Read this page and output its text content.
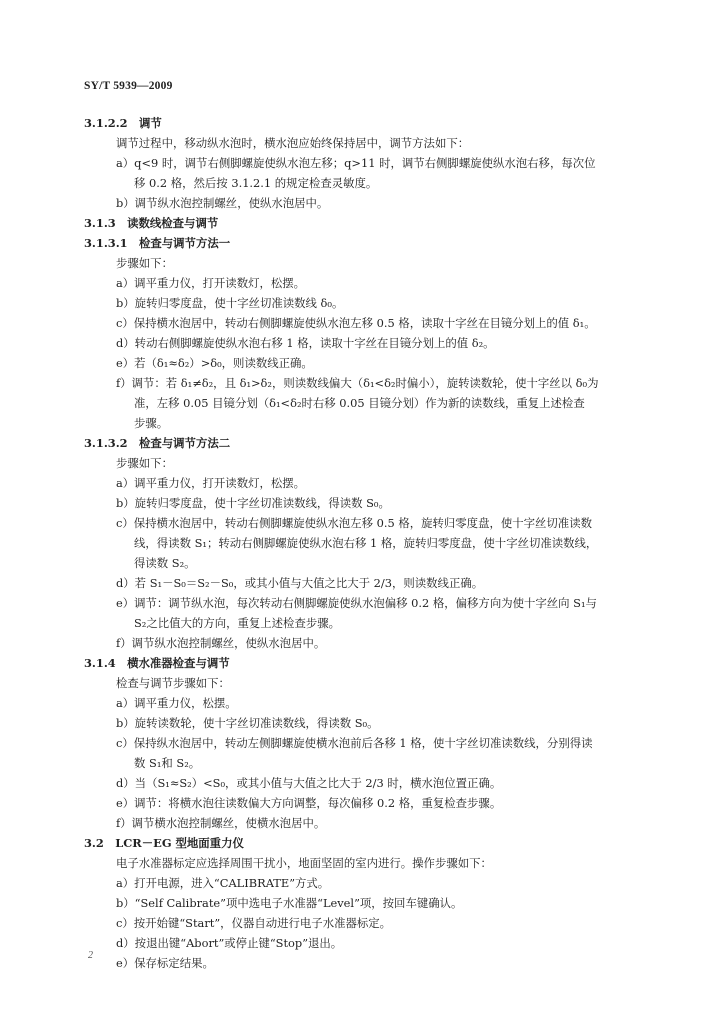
SY/T 5939—2009
3.1.2.2　调节
调节过程中，移动纵水泡时，横水泡应始终保持居中，调节方法如下：
a）q<9 时，调节右侧脚螺旋使纵水泡左移；q>11 时，调节右侧脚螺旋使纵水泡右移，每次位
移 0.2 格，然后按 3.1.2.1 的规定检查灵敏度。
b）调节纵水泡控制螺丝，使纵水泡居中。
3.1.3　读数线检查与调节
3.1.3.1　检查与调节方法一
步骤如下：
a）调平重力仪，打开读数灯，松摆。
b）旋转归零度盘，使十字丝切准读数线 δ₀。
c）保持横水泡居中，转动右侧脚螺旋使纵水泡左移 0.5 格，读取十字丝在目镜分划上的值 δ₁。
d）转动右侧脚螺旋使纵水泡右移 1 格，读取十字丝在目镜分划上的值 δ₂。
e）若（δ₁≈δ₂）>δ₀，则读数线正确。
f）调节：若 δ₁≠δ₂，且 δ₁>δ₂，则读数线偏大（δ₁<δ₂时偏小），旋转读数轮，使十字丝以 δ₀为
准，左移 0.05 目镜分划（δ₁<δ₂时右移 0.05 目镜分划）作为新的读数线，重复上述检查
步骤。
3.1.3.2　检查与调节方法二
步骤如下：
a）调平重力仪，打开读数灯，松摆。
b）旋转归零度盘，使十字丝切准读数线，得读数 S₀。
c）保持横水泡居中，转动右侧脚螺旋使纵水泡左移 0.5 格，旋转归零度盘，使十字丝切准读数
线，得读数 S₁；转动右侧脚螺旋使纵水泡右移 1 格，旋转归零度盘，使十字丝切准读数线，
得读数 S₂。
d）若 S₁－S₀＝S₂－S₀，或其小值与大值之比大于 2/3，则读数线正确。
e）调节：调节纵水泡，每次转动右侧脚螺旋使纵水泡偏移 0.2 格，偏移方向为使十字丝向 S₁与
S₂之比值大的方向，重复上述检查步骤。
f）调节纵水泡控制螺丝，使纵水泡居中。
3.1.4　横水准器检查与调节
检查与调节步骤如下：
a）调平重力仪，松摆。
b）旋转读数轮，使十字丝切准读数线，得读数 S₀。
c）保持纵水泡居中，转动左侧脚螺旋使横水泡前后各移 1 格，使十字丝切准读数线，分别得读
数 S₁和 S₂。
d）当（S₁≈S₂）<S₀，或其小值与大值之比大于 2/3 时，横水泡位置正确。
e）调节：将横水泡往读数偏大方向调整，每次偏移 0.2 格，重复检查步骤。
f）调节横水泡控制螺丝，使横水泡居中。
3.2　LCR－EG 型地面重力仪
电子水准器标定应选择周围干扰小，地面坚固的室内进行。操作步骤如下：
a）打开电源，进入“CALIBRATE”方式。
b）“Self Calibrate”项中选电子水准器“Level”项，按回车键确认。
c）按开始键“Start”，仪器自动进行电子水准器标定。
d）按退出键“Abort”或停止键“Stop”退出。
e）保存标定结果。
2
